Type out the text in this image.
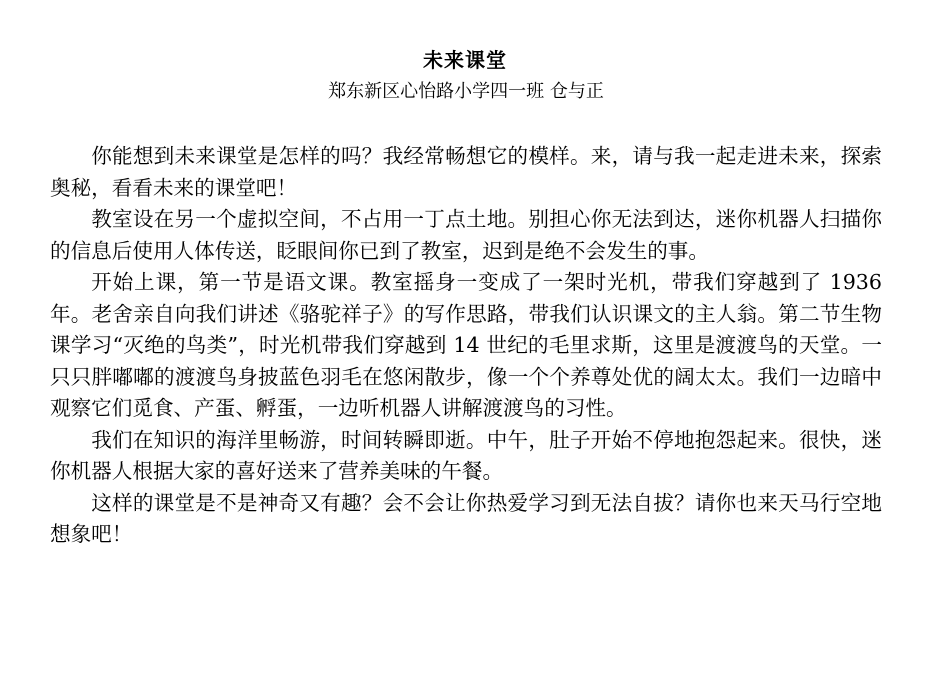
未来课堂
郑东新区心怡路小学四一班 仓与正

你能想到未来课堂是怎样的吗？我经常畅想它的模样。来，请与我一起走进未来，探索奥秘，看看未来的课堂吧！

教室设在另一个虚拟空间，不占用一丁点土地。别担心你无法到达，迷你机器人扫描你的信息后使用人体传送，眨眼间你已到了教室，迟到是绝不会发生的事。

开始上课，第一节是语文课。教室摇身一变成了一架时光机，带我们穿越到了 1936 年。老舍亲自向我们讲述《骆驼祥子》的写作思路，带我们认识课文的主人翁。第二节生物课学习“灭绝的鸟类”，时光机带我们穿越到 14 世纪的毛里求斯，这里是渡渡鸟的天堂。一只只胖嘟嘟的渡渡鸟身披蓝色羽毛在悠闲散步，像一个个养尊处优的阔太太。我们一边暗中观察它们觅食、产蛋、孵蛋，一边听机器人讲解渡渡鸟的习性。

我们在知识的海洋里畅游，时间转瞬即逝。中午，肚子开始不停地抱怨起来。很快，迷你机器人根据大家的喜好送来了营养美味的午餐。

这样的课堂是不是神奇又有趣？会不会让你热爱学习到无法自拔？请你也来天马行空地想象吧！
